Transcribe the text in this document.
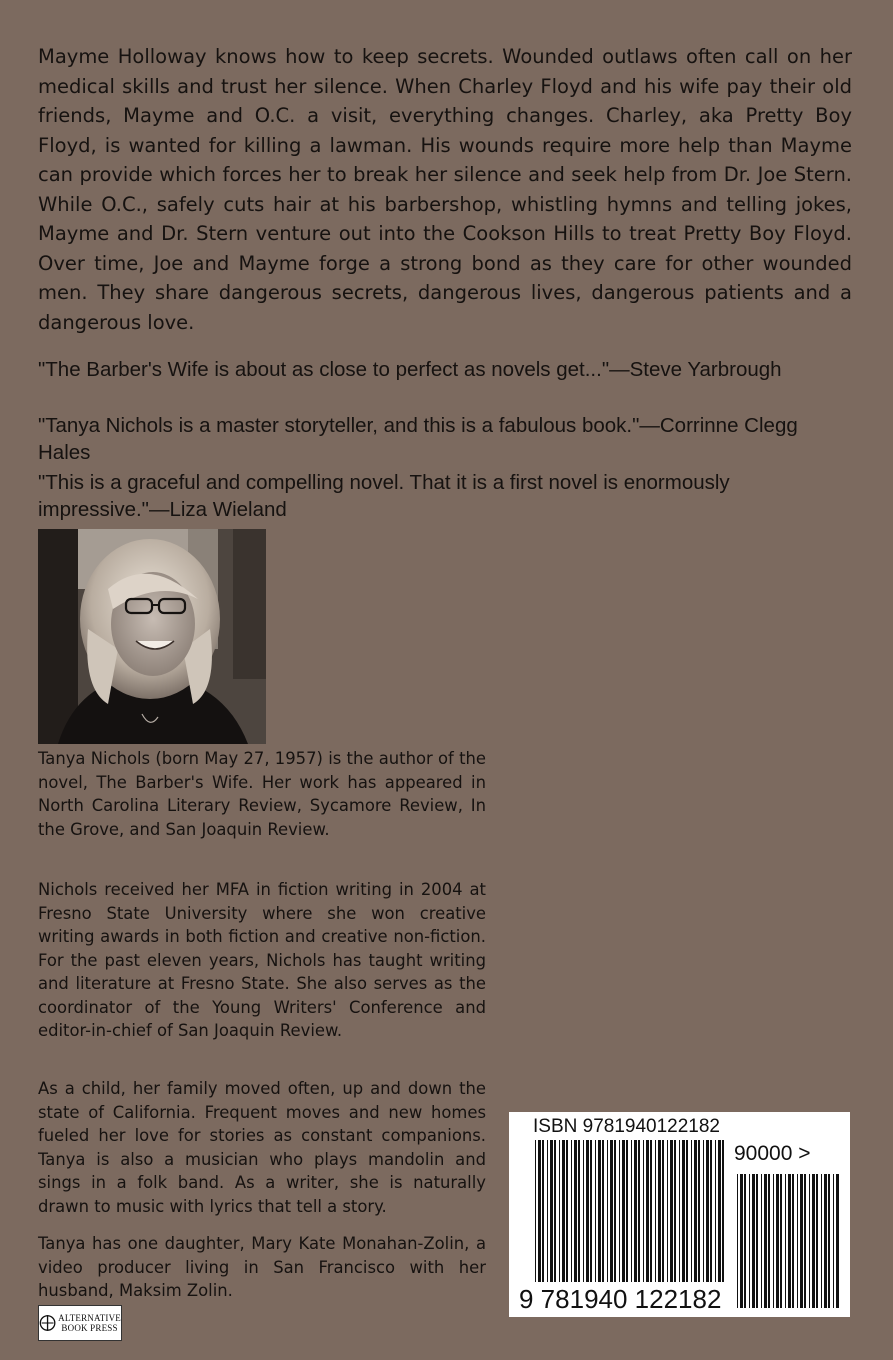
Mayme Holloway knows how to keep secrets. Wounded outlaws often call on her medical skills and trust her silence. When Charley Floyd and his wife pay their old friends, Mayme and O.C. a visit, everything changes. Charley, aka Pretty Boy Floyd, is wanted for killing a lawman. His wounds require more help than Mayme can provide which forces her to break her silence and seek help from Dr. Joe Stern. While O.C., safely cuts hair at his barbershop, whistling hymns and telling jokes, Mayme and Dr. Stern venture out into the Cookson Hills to treat Pretty Boy Floyd. Over time, Joe and Mayme forge a strong bond as they care for other wounded men. They share dangerous secrets, dangerous lives, dangerous patients and a dangerous love.

"The Barber's Wife is about as close to perfect as novels get..."—Steve Yarbrough

"Tanya Nichols is a master storyteller, and this is a fabulous book."—Corrinne Clegg Hales

"This is a graceful and compelling novel. That it is a first novel is enormously impressive."—Liza Wieland

Tanya Nichols (born May 27, 1957) is the author of the novel, The Barber's Wife. Her work has appeared in North Carolina Literary Review, Sycamore Review, In the Grove, and San Joaquin Review.

Nichols received her MFA in fiction writing in 2004 at Fresno State University where she won creative writing awards in both fiction and creative non-fiction. For the past eleven years, Nichols has taught writing and literature at Fresno State. She also serves as the coordinator of the Young Writers' Conference and editor-in-chief of San Joaquin Review.

As a child, her family moved often, up and down the state of California. Frequent moves and new homes fueled her love for stories as constant companions. Tanya is also a musician who plays mandolin and sings in a folk band. As a writer, she is naturally drawn to music with lyrics that tell a story.

Tanya has one daughter, Mary Kate Monahan-Zolin, a video producer living in San Francisco with her husband, Maksim Zolin.

ALTERNATIVE
BOOK PRESS
ISBN 9781940122182
90000 >
9 781940 122182
